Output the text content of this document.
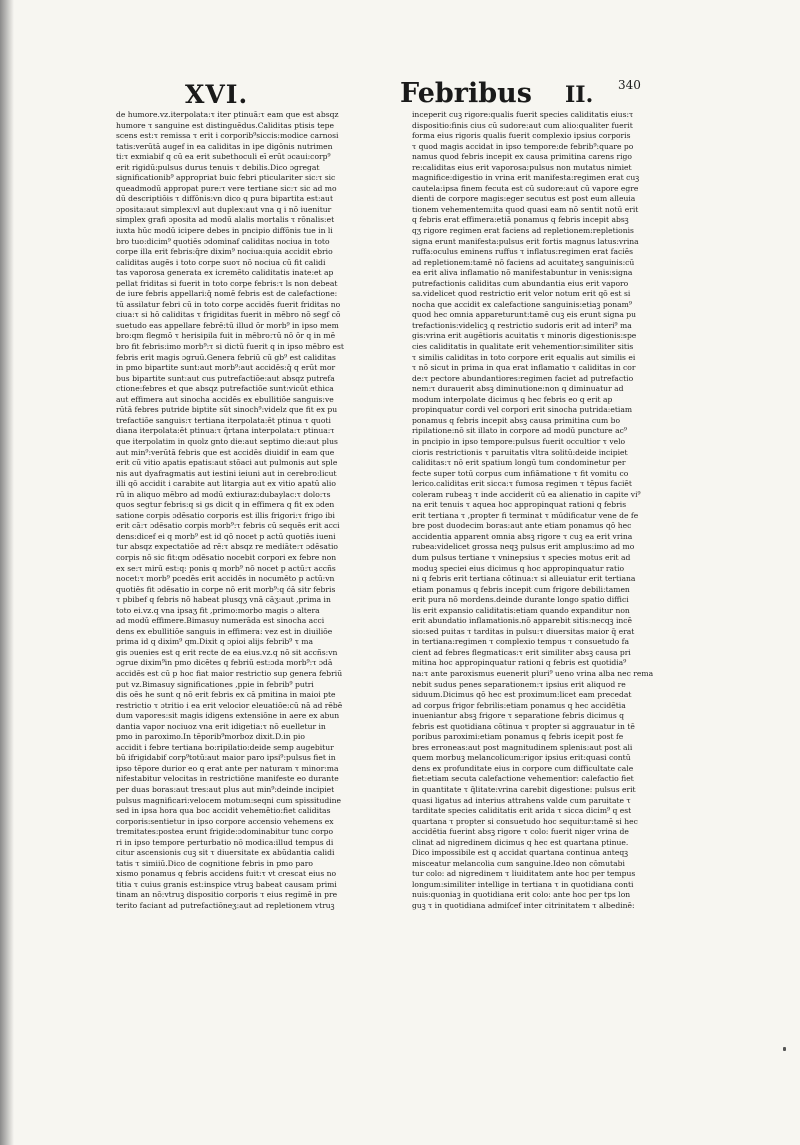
XVI.	Febribus II. 340
de humore.vz.iterpolata:τ iter ptinuā:τ eam que est absqz
humore τ sanguine est distinguēdus.Caliditas ptisis tepe
scens est:τ remissa τ erit i corporib⁹siccis:modice carnosi
tatis:verūtā augef in ea caliditas in ipe digōnis nutrimen
ti:τ exmiabif q cū ea erit subethoculi eī erūt ɔcaui:corp⁹
erit rigidū:pulsus durus tenuis τ debilis.Dico ɔgregat
significationib⁹ appropriat buic febri pticulariter sic:τ sic
queadmodū appropat pure:τ vere tertiane sic:τ sic ad mo
dū descriptiōis τ diffōnis:vn dico q pura bipartita est:aut
ɔposita:aut simplex:vl aut duplex:aut vna q i nō iuenitur
simplex grafi ɔposita ad modū alalis mortalis τ rōnalis:et
iuxta hūc modū icipere debes in pncipio diffōnis tue in li
bro tuo:dicim⁹ quotiēs ɔdominaf caliditas nociua in toto
corpe illa erit febris:q̄re dixim⁹ nociua:quia accidit ebrio
caliditas augēs i toto corpe suoτ nō nociua cū fit calidi
tas vaporosa generata ex icremēto caliditatis inate:et ap
pellat friditas si fuerit in toto corpe febris:τ ls non debeat
de iure febris appellari:q̄ nomē febris est de calefactione:
tū assilatur febri cū in toto corpe accidēs fuerit friditas no
ciua:τ si hō caliditas τ frigiditas fuerit in mēbro nō segf cō
suetudo eas appellare febrē:tū illud ōr morb⁹ in ipso mem
bro:qm flegmō τ herisipila fuit in mēbro:τū nō ōr q in mē
bro fit febris:imo morb⁹:τ si dictū fuerit q in ipso mēbro est
febris erit magis ɔgruū.Genera febriū cū gb⁹ est caliditas
in pmo bipartite sunt:aut morb⁹:aut accidēs:q̄ q erūt mor
bus bipartite sunt:aut cus putrefactiōe:aut absqz putrefa
ctione:febres et que absqz putrefactiōe sunt:vicūt ethica
aut effimera aut sinocha accidēs ex ebullitiōe sanguis:ve
rūtā febres putride biptite sūt sinoch⁹:videlz que fit ex pu
trefactiōe sanguis:τ tertiana iterpolata:ēt ptinua τ quoti
diana iterpolata:ēt ptinua:τ q̄rtana interpolata:τ ptinua:τ
que iterpolatim in quolz gnto die:aut septimo die:aut plus
aut min⁹:verūtā febris que est accidēs diuidif in eam que
erit cū vitio apatis epatis:aut stōaci aut pulmonis aut sple
nis aut dyafragmatis aut iestini ieiuni aut in cerebro:licut
illi qō accidit i carabite aut litargia aut ex vitio apatū alio
rū in aliquo mēbro ad modū extiuraz:dubaylac:τ dolo:τs
quos segtur febris:q si gs dicit q in effimera q fit ex ɔden
satione corpis ɔdēsatio corporis est illis frigori:τ frigo ibi
erit cā:τ ɔdēsatio corpis morb⁹:τ febris cū sequēs erit acci
dens:dicef ei q morb⁹ est id qō nocet p actū quotiēs iueni
tur absqz expectatiōe ad rē:τ absqz re mediāte:τ ɔdēsatio
corpis nō sic fit:qm ɔdēsatio nocebit corpori ex febre non
ex se:τ mirū est:q: ponis q morb⁹ nō nocet p actū:τ accñs
nocet:τ morb⁹ pcedēs erit accidēs in nocumēto p actū:vn
quotiēs fit ɔdēsatio in corpe nō erit morb⁹:q ćā sitr febris
τ pbibef q febris nō habeat plusqʒ vnā cāʒ:aut ,prima in
toto ei.vz.q vna ipsaʒ fit ,primo:morbo magis ɔ altera
ad modū effimere.Bimasuy numerāda est sinocha acci
dens ex ebullitiōe sanguis in effimera: vez est in diuiliōe
prima id q dixim⁹ qm.Dixit q ɔpioi alijs febrib⁹ τ ma
gis ɔuenies est q erit recte de ea eius.vz.q nō sit accñs:vn
ɔgrue dixim⁹in pmo dicētes q febriū est:ɔda morb⁹:τ ɔdā
accidēs est cū p hoc fiat maior restrictio sup genera febriū
put vz.Bimasuy significationes ,ppie in febrib⁹ putri
dis oēs he sunt q nō erit febris ex cā pmitina in maioi pte
restrictio τ ɔtritio i ea erit velocior eleuatiōe:cū nā ad rēbē
dum vapores:sit magis idigens extensiōne in aere ex abun
dantia vapor nociuoz vna erit idigetia:τ nō euelletur in
pmo in paroximo.In tēporib⁹morboz dixit.D.in pio
accidit i febre tertiana bo:ripilatio:deide semp augebitur
bū ifrigidabif corp⁹totū:aut maior paro ipsi⁹:pulsus fiet in
ipso tēpore durior eo q erat ante per naturam τ minor:ma
nifestabitur velocitas in restrictiōne manifeste eo durante
per duas boras:aut tres:aut plus aut min⁹:deinde incipiet
pulsus magnificari:velocem motum:seqni cum spissitudine
sed in ipsa hora qua boc accidit vehemētio:fiet caliditas
corporis:sentietur in ipso corpore accensio vehemens ex
tremitates:postea erunt frigide:ɔdominabitur tunc corpo
ri in ipso tempore perturbatio nō modica:illud tempus di
citur ascensionis cuꝫ sit τ diuersitate ex abūdantia calidi
tatis τ simiiū.Dico de cognitione febris in pmo paro
xismo ponamus q febris accidens fuit:τ vt crescat eius no
titia τ cuius granis est:inspice vtruꝫ babeat causam primi
tinam an nō:vtruꝫ dispositio corporis τ eius regimē in pre
terito faciant ad putrefactiōneʒ:aut ad repletionem vtruꝫ
inceperit cuꝫ rigore:qualis fuerit species caliditatis eius:τ
dispositio:finis cius cū sudore:aut cum alio:qualiter fuerit
forma eius rigoris qualis fuerit complexio ipsius corporis
τ quod magis accidat in ipso tempore:de febrib⁹:quare po
namus quod febris incepit ex causa primitina carens rigo
re:caliditas eius erit vaporosa:pulsus non mutatus nimiet
magnifice:digestio in vrina erit manifesta:regimen erat cuꝫ
cautela:ipsa finem fecuta est cū sudore:aut cū vapore egre
dienti de corpore magis:eger secutus est post eum alleuia
tionem vehementem:ita quod quasi eam nō sentit notū erit
q febris erat effimera:etiā ponamus q febris incepit absꝫ
qʒ rigore regimen erat faciens ad repletionem:repletionis
signa erunt manifesta:pulsus erit fortis magnus latus:vrina
ruffa:oculus eminens ruffus τ inflatus:regimen erat faciēs
ad repletionem:tamē nō faciens ad acuitateʒ sanguinis:cū
ea erit aliva inflamatio nō manifestabuntur in venis:signa
putrefactionis caliditas cum abundantia eius erit vaporo
sa.videlicet quod restrictio erit velor notum erit qō est si
nocha que accidit ex calefactione sanguinis:etiaꝫ ponam⁹
quod hec omnia appareturunt:tamē cuꝫ eis erunt signa pu
trefactionis:videlicꝫ q restrictio sudoris erit ad interi⁹ ma
gis:vrina erit augētioris acuitatis τ minoris digestionis:spe
cies caliditatis in qualitate erit vehementior:similiter sitis
τ similis caliditas in toto corpore erit equalis aut similis ei
τ nō sicut in prima in qua erat inflamatio τ caliditas in cor
de:τ pectore abundantiores:regimen faciet ad putrefactio
nem:τ durauerit absꝫ diminutione:non q diminuatur ad
modum interpolate dicimus q hec febris eo q erit ap
propinquatur cordi vel corpori erit sinocha putrida:etiam
ponamus q febris incepit absꝫ causa primitina cum bo
ripilatione:nō sit illato in corpore ad modū puncture ac⁹
in pncipio in ipso tempore:pulsus fuerit occultior τ velo
cioris restrictionis τ paruitatis vltra solitū:deide incipiet
caliditas:τ nō erit spatium longū tum condominetur per
fecte super totū corpus cum infiāmatione τ fit vomitu co
lerico.caliditas erit sicca:τ fumosa regimen τ tēpus faciēt
coleram rubeaꝫ τ inde acciderit cū ea alienatio in capite vi⁹
na erit tenuis τ aquea hoc appropinquat rationi q febris
erit tertiana τ ,propter fi terminat τ mūdificatur vene de fe
bre post duodecim boras:aut ante etiam ponamus qō hec
accidentia apparent omnia absꝫ rigore τ cuꝫ ea erit vrina
rubea:videlicet grossa neqꝫ pulsus erit amplus:imo ad mo
dum pulsus tertiane τ vninepsius τ species motus erit ad
moduꝫ speciei eius dicimus q hoc appropinquatur ratio
ni q febris erit tertiana cōtinua:τ si alleuiatur erit tertiana
etiam ponamus q febris incepit cum frigore debili:tamen
erit pura nō mordens.deinde durante longo spatio diffici
lis erit expansio caliditatis:etiam quando expanditur non
erit abundatio inflamationis.nō apparebit sitis:necqꝫ incē
sio:sed puitas τ tarditas in pulsu:τ diuersitas maior q̄ erat
in tertiana:regimen τ complexio tempus τ consuetudo fa
cient ad febres flegmaticas:τ erit similiter absꝫ causa pri
mitina hoc appropinquatur rationi q febris est quotidia⁹
na:τ ante paroxismus euenerit pluri⁹ ueno vrina alba nec rema
nebit sudus penes separationem:τ ipsius erit aliquod re
siduum.Dicimus qō hec est proximum:licet eam precedat
ad corpus frigor febrilis:etiam ponamus q hec accidētia
inueniantur absꝫ frigore τ separatione febris dicimus q
febris est quotidiana cōtinua τ propter si aggrauatur in tē
poribus paroximi:etiam ponamus q febris icepit post fe
bres erroneas:aut post magnitudinem splenis:aut post ali
quem morbuꝫ melancolicum:rigor ipsius erit:quasi contū
dens ex profunditate eius in corpore cum difficultate cale
fiet:etiam secuta calefactione vehementior: calefactio fiet
in quantitate τ q̄litate:vrina carebit digestione: pulsus erit
quasi ligatus ad interius attrahens valde cum paruitate τ
tarditate species caliditatis erit arida τ sicca dicim⁹ q est
quartana τ propter si consuetudo hoc sequitur:tamē si hec
accidētia fuerint absꝫ rigore τ colo: fuerit niger vrina de
clinat ad nigredinem dicimus q hec est quartana ptinue.
Dico impossibile est q accidat quartana continua anteqꝫ
misceatur melancolia cum sanguine.Ideo non cōmutabi
tur colo: ad nigredinem τ liuiditatem ante hoc per tempus
longum:similiter intellige in tertiana τ in quotidiana conti
nuis:quoniaꝫ in quotidiana erit colo: ante hoc per tps lon
guꝫ τ in quotidiana admiſcef inter citrinitatem τ albedinē:
